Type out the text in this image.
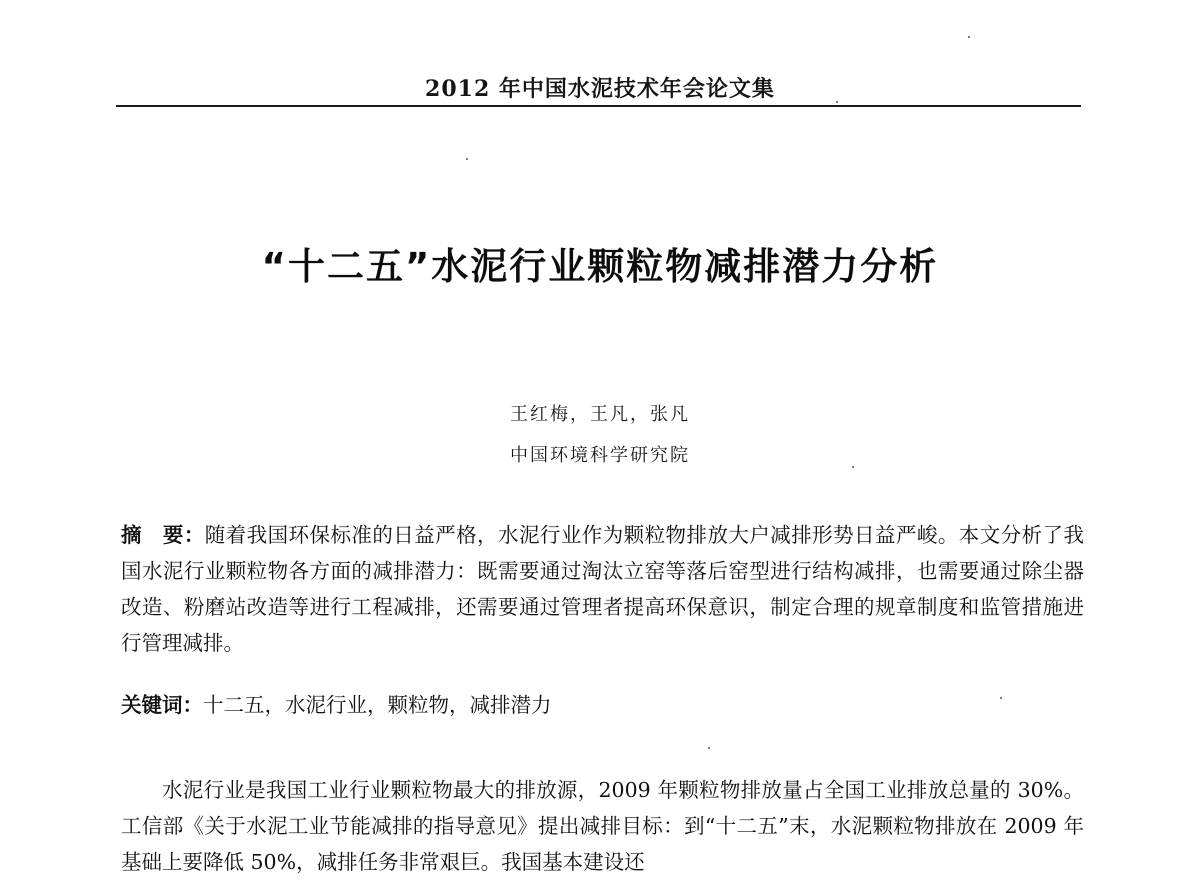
2012 年中国水泥技术年会论文集
“十二五”水泥行业颗粒物减排潜力分析
王红梅，王凡，张凡
中国环境科学研究院
摘　要：随着我国环保标准的日益严格，水泥行业作为颗粒物排放大户减排形势日益严峻。本文分析了我国水泥行业颗粒物各方面的减排潜力：既需要通过淘汰立窑等落后窑型进行结构减排，也需要通过除尘器改造、粉磨站改造等进行工程减排，还需要通过管理者提高环保意识，制定合理的规章制度和监管措施进行管理减排。
关键词：十二五，水泥行业，颗粒物，减排潜力
水泥行业是我国工业行业颗粒物最大的排放源，2009 年颗粒物排放量占全国工业排放总量的 30%。工信部《关于水泥工业节能减排的指导意见》提出减排目标：到“十二五”末，水泥颗粒物排放在 2009 年基础上要降低 50%，减排任务非常艰巨。我国基本建设还
